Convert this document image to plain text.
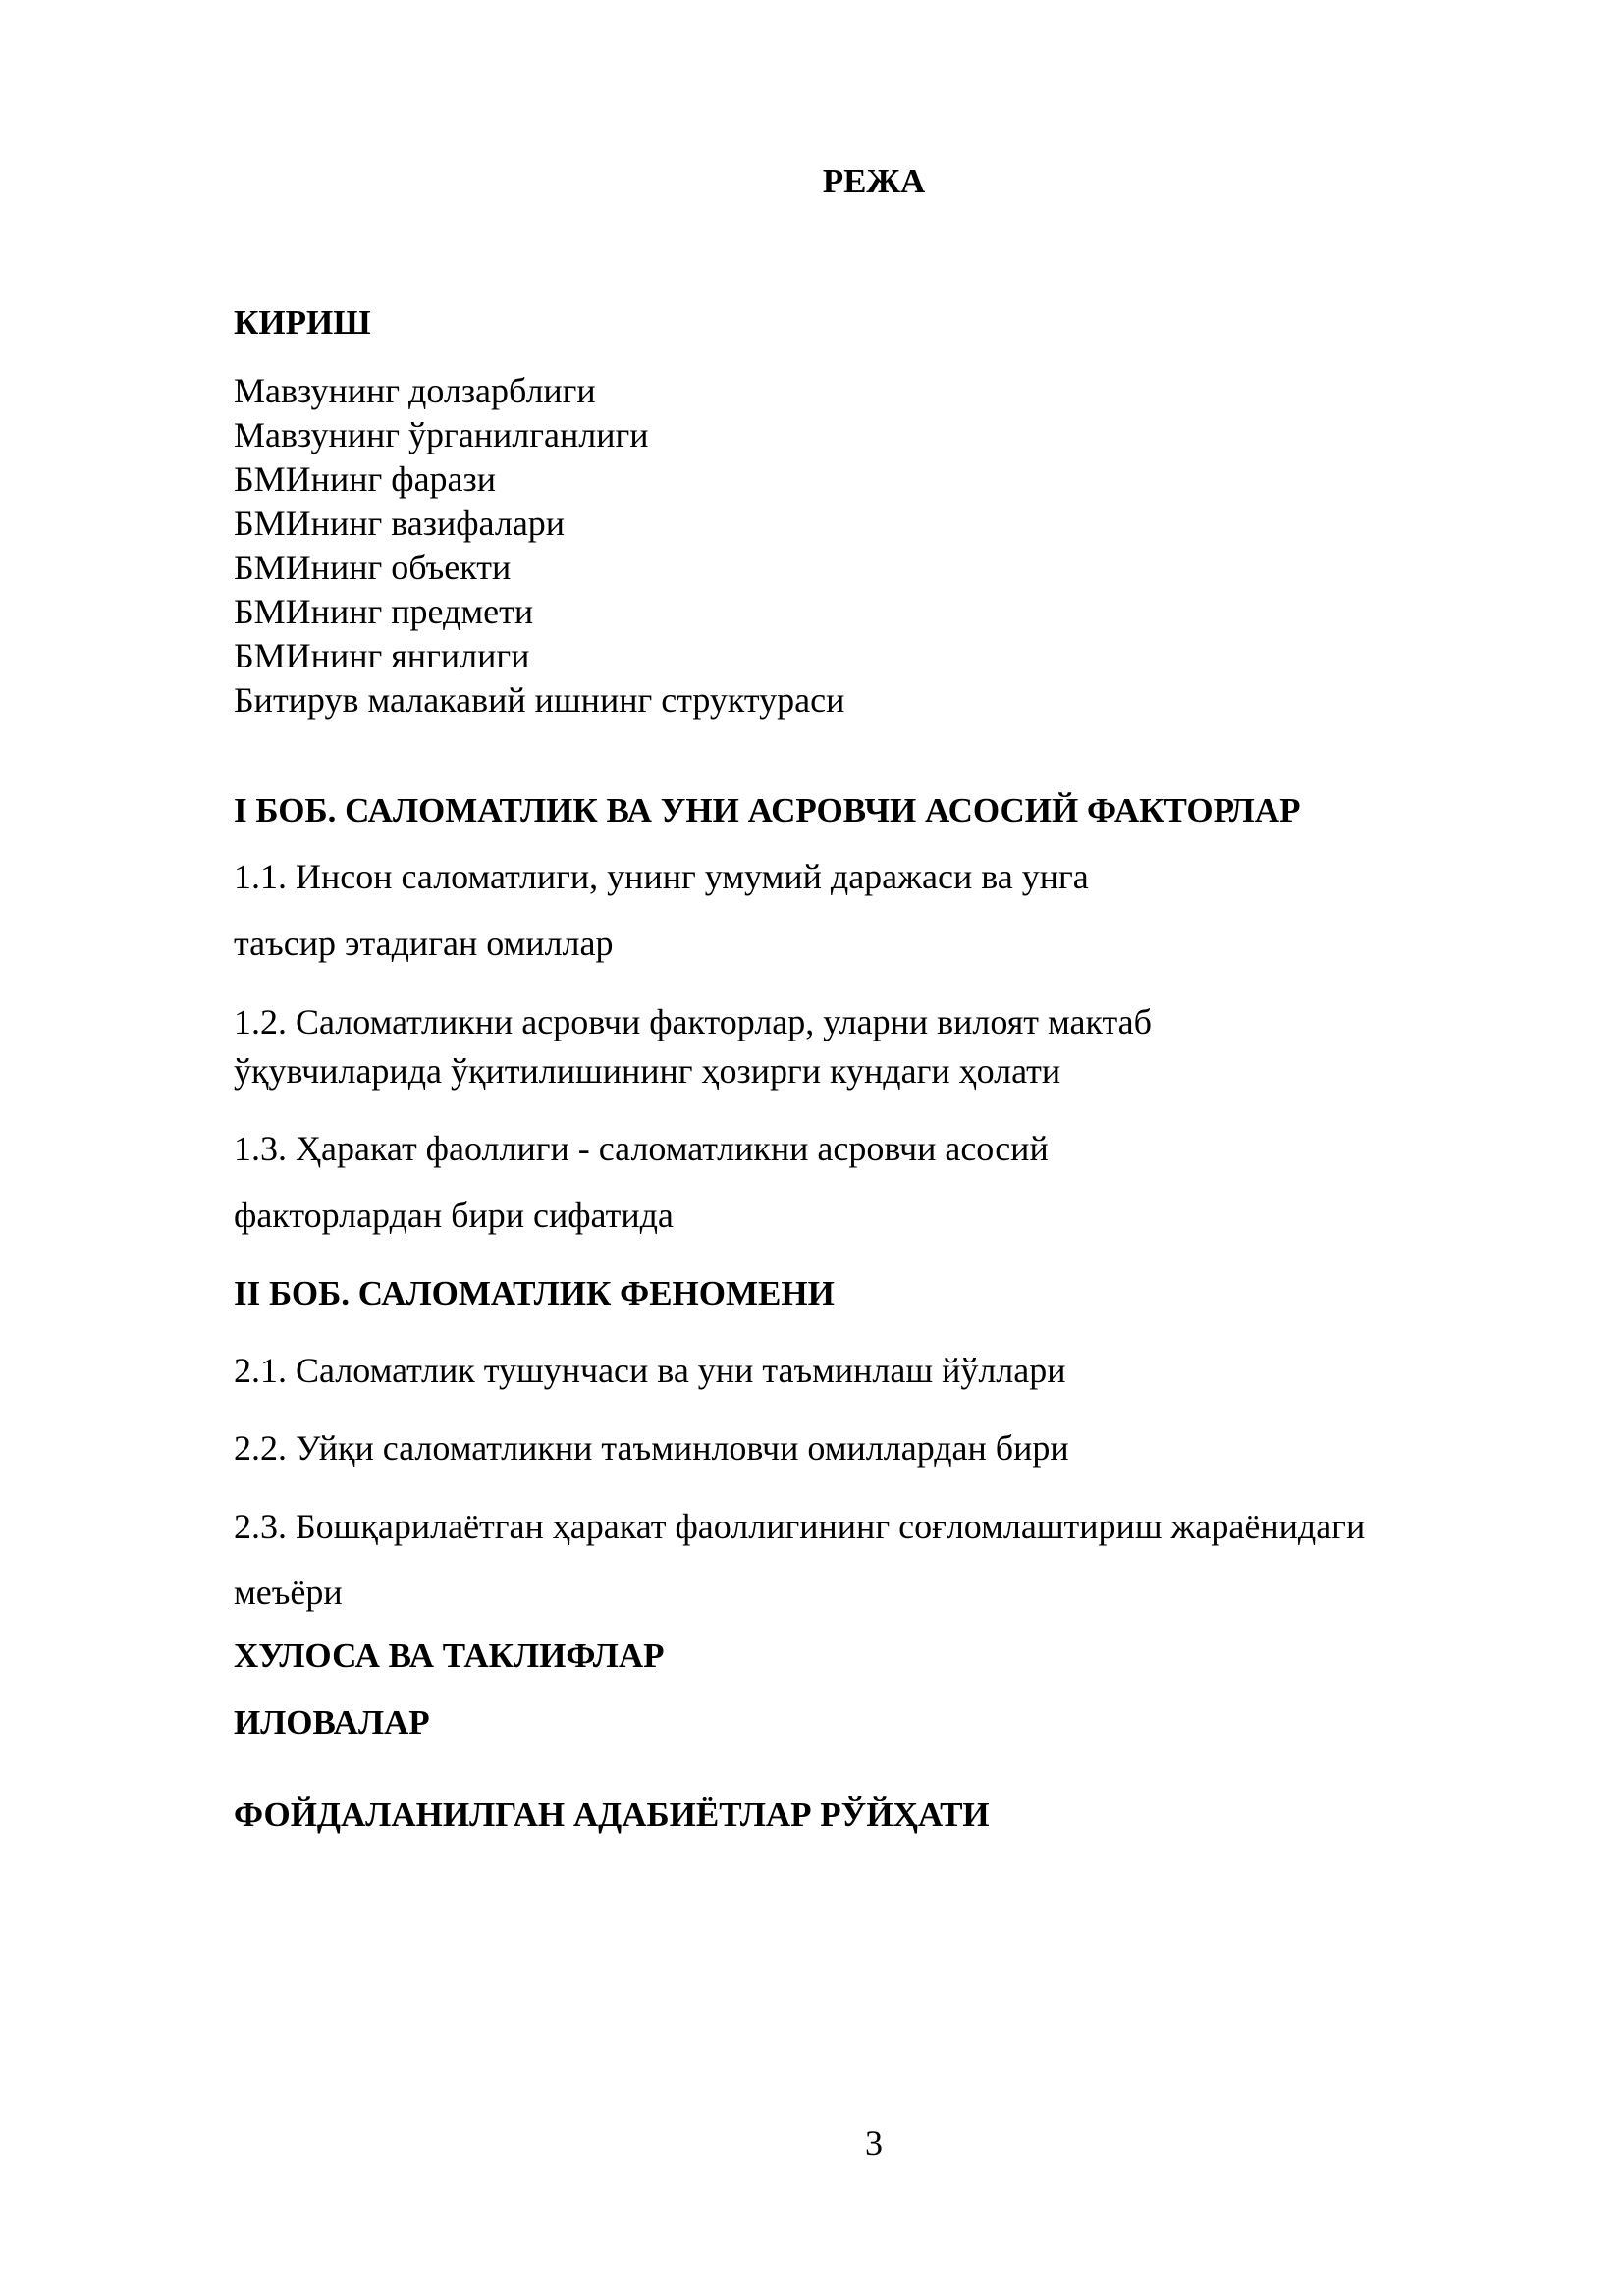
РЕЖА
КИРИШ
Мавзунинг долзарблиги
Мавзунинг ўрганилганлиги
БМИнинг фарази
БМИнинг вазифалари
БМИнинг объекти
БМИнинг предмети
БМИнинг янгилиги
Битирув малакавий ишнинг структураси
I БОБ. САЛОМАТЛИК ВА УНИ АСРОВЧИ АСОСИЙ ФАКТОРЛАР
1.1. Инсон саломатлиги, унинг умумий даражаси ва унга
таъсир этадиган омиллар
1.2. Саломатликни асровчи факторлар, уларни вилоят мактаб
ўқувчиларида ўқитилишининг ҳозирги кундаги ҳолати
1.3. Ҳаракат фаоллиги - саломатликни асровчи асосий
факторлардан бири сифатида
II БОБ. САЛОМАТЛИК ФЕНОМЕНИ
2.1. Саломатлик тушунчаси ва уни таъминлаш йўллари
2.2. Уйқи саломатликни таъминловчи омиллардан бири
2.3. Бошқарилаётган ҳаракат фаоллигининг соғломлаштириш жараёнидаги
меъёри
ХУЛОСА ВА ТАКЛИФЛАР
ИЛОВАЛАР
ФОЙДАЛАНИЛГАН АДАБИЁТЛАР РЎЙҲАТИ
3
